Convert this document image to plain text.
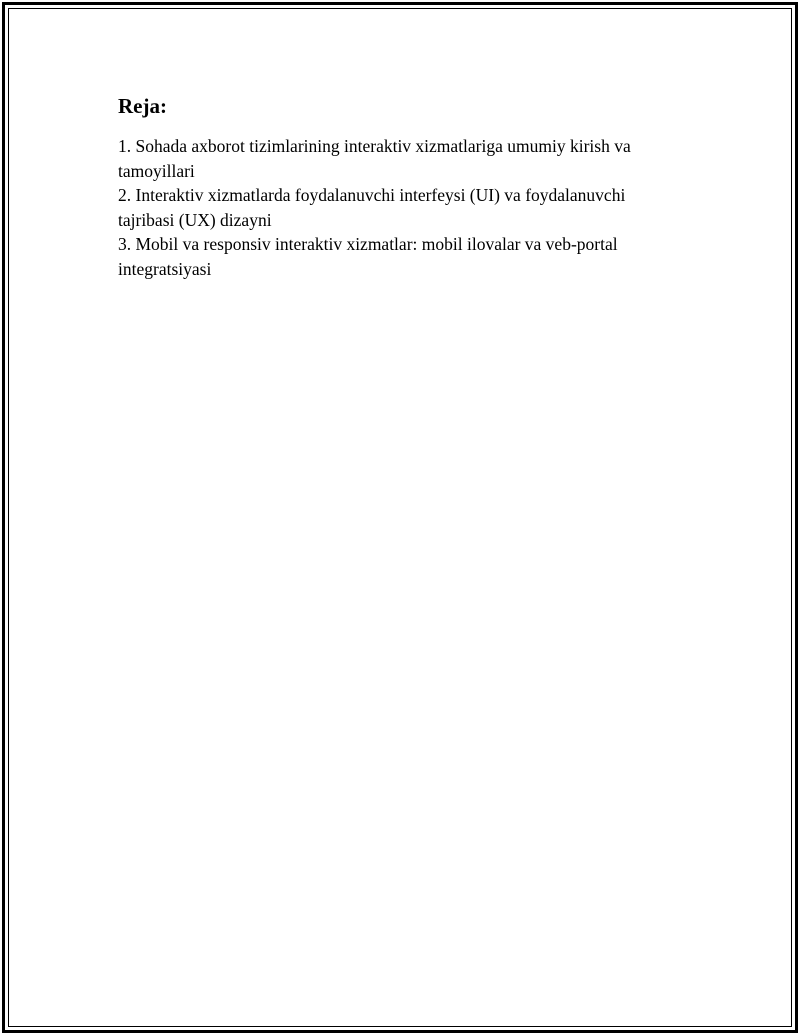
Reja:
1. Sohada axborot tizimlarining interaktiv xizmatlariga umumiy kirish va tamoyillari
2. Interaktiv xizmatlarda foydalanuvchi interfeysi (UI) va foydalanuvchi tajribasi (UX) dizayni
3. Mobil va responsiv interaktiv xizmatlar: mobil ilovalar va veb-portal integratsiyasi
